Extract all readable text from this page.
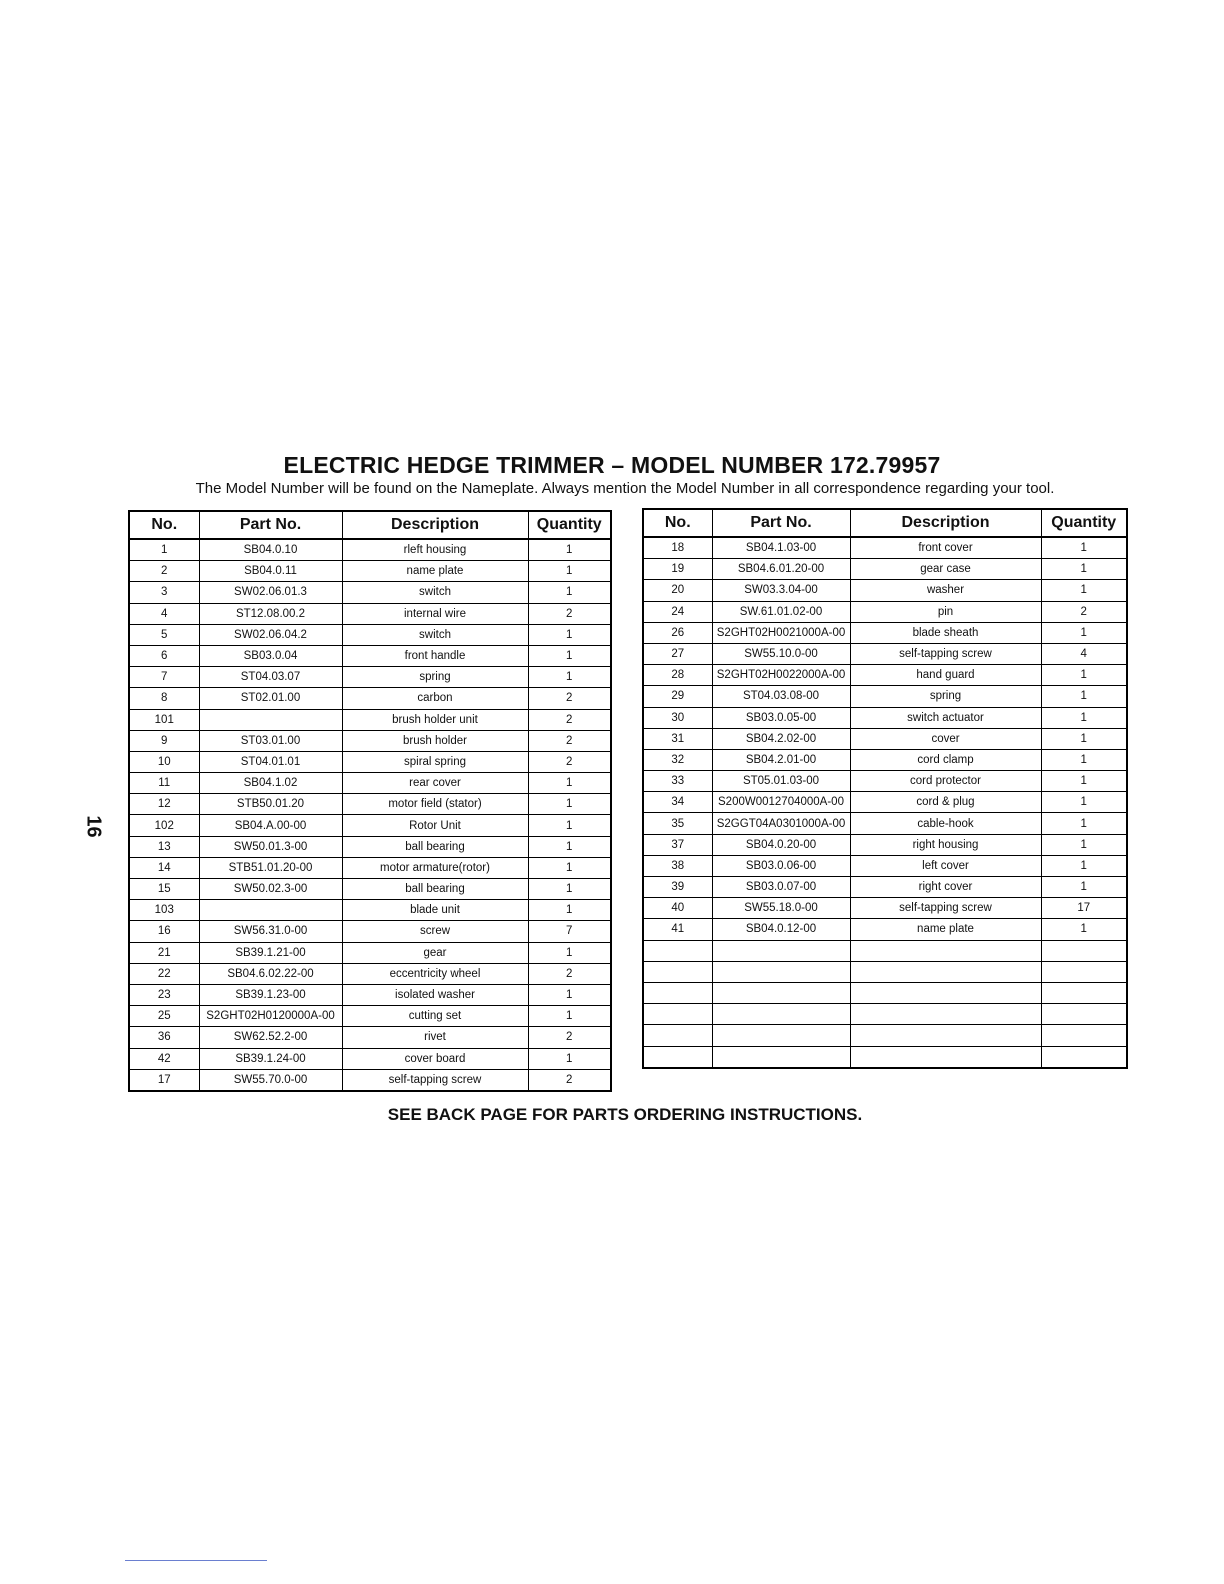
ELECTRIC HEDGE TRIMMER – MODEL NUMBER 172.79957

The Model Number will be found on the Nameplate. Always mention the Model Number in all correspondence regarding your tool.

No.	Part No.	Description	Quantity
1	SB04.0.10	rleft housing	1
2	SB04.0.11	name plate	1
3	SW02.06.01.3	switch	1
4	ST12.08.00.2	internal wire	2
5	SW02.06.04.2	switch	1
6	SB03.0.04	front handle	1
7	ST04.03.07	spring	1
8	ST02.01.00	carbon	2
101		brush holder unit	2
9	ST03.01.00	brush holder	2
10	ST04.01.01	spiral spring	2
11	SB04.1.02	rear cover	1
12	STB50.01.20	motor field (stator)	1
102	SB04.A.00-00	Rotor Unit	1
13	SW50.01.3-00	ball bearing	1
14	STB51.01.20-00	motor armature(rotor)	1
15	SW50.02.3-00	ball bearing	1
103		blade unit	1
16	SW56.31.0-00	screw	7
21	SB39.1.21-00	gear	1
22	SB04.6.02.22-00	eccentricity wheel	2
23	SB39.1.23-00	isolated washer	1
25	S2GHT02H0120000A-00	cutting set	1
36	SW62.52.2-00	rivet	2
42	SB39.1.24-00	cover board	1
17	SW55.70.0-00	self-tapping screw	2
No.	Part No.	Description	Quantity
18	SB04.1.03-00	front cover	1
19	SB04.6.01.20-00	gear case	1
20	SW03.3.04-00	washer	1
24	SW.61.01.02-00	pin	2
26	S2GHT02H0021000A-00	blade sheath	1
27	SW55.10.0-00	self-tapping screw	4
28	S2GHT02H0022000A-00	hand guard	1
29	ST04.03.08-00	spring	1
30	SB03.0.05-00	switch actuator	1
31	SB04.2.02-00	cover	1
32	SB04.2.01-00	cord clamp	1
33	ST05.01.03-00	cord protector	1
34	S200W0012704000A-00	cord & plug	1
35	S2GGT04A0301000A-00	cable-hook	1
37	SB04.0.20-00	right housing	1
38	SB03.0.06-00	left cover	1
39	SB03.0.07-00	right cover	1
40	SW55.18.0-00	self-tapping screw	17
41	SB04.0.12-00	name plate	1

16

SEE BACK PAGE FOR PARTS ORDERING INSTRUCTIONS.
